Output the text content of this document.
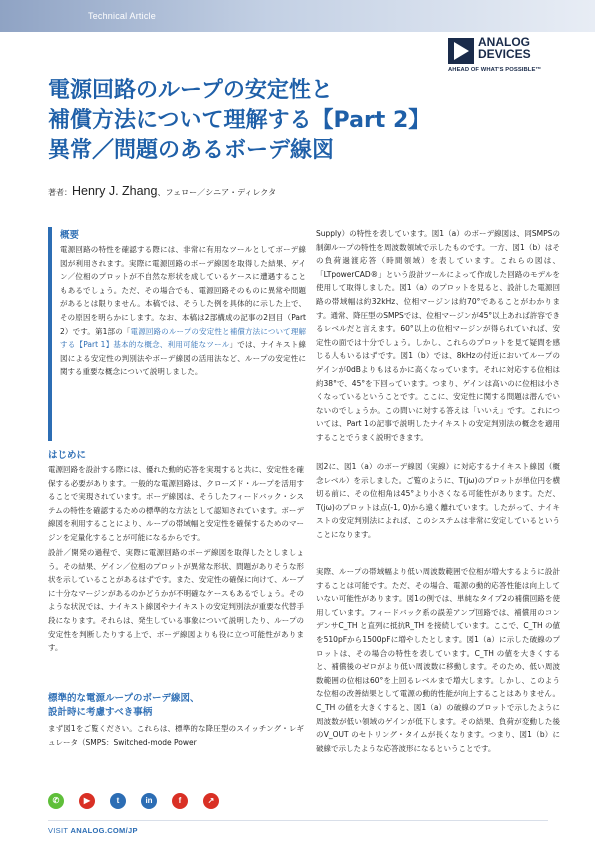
Technical Article
ANALOG
DEVICES
AHEAD OF WHAT'S POSSIBLE™
電源回路のループの安定性と
補償方法について理解する【Part 2】
異常／問題のあるボーデ線図
著者：Henry J. Zhang、フェロー／シニア・ディレクタ
概要

電源回路の特性を確認する際には、非常に有用なツールとしてボーデ線図が利用されます。実際に電源回路のボーデ線図を取得した結果、ゲイン／位相のプロットが不自然な形状を成しているケースに遭遇することもあるでしょう。ただ、その場合でも、電源回路そのものに異常や問題があるとは限りません。本稿では、そうした例を具体的に示した上で、その原因を明らかにします。なお、本稿は2部構成の記事の2回目（Part 2）です。第1部の「電源回路のループの安定性と補償方法について理解する【Part 1】基本的な概念、利用可能なツール」では、ナイキスト線図による安定性の判別法やボーデ線図の活用法など、ループの安定性に関する重要な概念について説明しました。

はじめに

電源回路を設計する際には、優れた動的応答を実現すると共に、安定性を確保する必要があります。一般的な電源回路は、クローズド・ループを活用することで実現されています。ボーデ線図は、そうしたフィードバック・システムの特性を確認するための標準的な方法として認知されています。ボーデ線図を利用することにより、ループの帯域幅と安定性を確保するためのマージンを定量化することが可能になるからです。

設計／開発の過程で、実際に電源回路のボーデ線図を取得したとしましょう。その結果、ゲイン／位相のプロットが異常な形状、問題がありそうな形状を示していることがあるはずです。また、安定性の確保に向けて、ループに十分なマージンがあるのかどうかが不明確なケースもあるでしょう。そのような状況では、ナイキスト線図やナイキストの安定判別法が重要な代替手段になります。それらは、発生している事象について説明したり、ループの安定性を判断したりする上で、ボーデ線図よりも役に立つ可能性があります。

標準的な電源ループのボーデ線図、
設計時に考慮すべき事柄

まず図1をご覧ください。これらは、標準的な降圧型のスイッチング・レギュレータ（SMPS：Switched-mode Power

Supply）の特性を表しています。図1（a）のボーデ線図は、同SMPSの制御ループの特性を周波数領域で示したものです。一方、図1（b）はその負荷過渡応答（時間領域）を表しています。これらの図は、「LTpowerCAD®」という設計ツールによって作成した回路のモデルを使用して取得しました。図1（a）のプロットを見ると、設計した電源回路の帯域幅は約32kHz、位相マージンは約70°であることがわかります。通常、降圧型のSMPSでは、位相マージンが45°以上あれば許容できるレベルだと言えます。60°以上の位相マージンが得られていれば、安定性の面では十分でしょう。しかし、これらのプロットを見て疑問を感じる人もいるはずです。図1（b）では、8kHzの付近においてループのゲインが0dBよりもはるかに高くなっています。それに対応する位相は約38°で、45°を下回っています。つまり、ゲインは高いのに位相は小さくなっているということです。ここに、安定性に関する問題は潜んでいないのでしょうか。この問いに対する答えは「いいえ」です。これについては、Part 1の記事で説明したナイキストの安定判別法の概念を適用することでうまく説明できます。

図2に、図1（a）のボーデ線図（実線）に対応するナイキスト線図（概念レベル）を示しました。ご覧のように、T(jω)のプロットが単位円を横切る前に、その位相角は45°より小さくなる可能性があります。ただ、T(jω)のプロットは点(-1, 0)から遠く離れています。したがって、ナイキストの安定判別法によれば、このシステムは非常に安定しているということになります。

実際、ループの帯域幅より低い周波数範囲で位相が増大するように設計することは可能です。ただ、その場合、電源の動的応答性能は向上していない可能性があります。図1の例では、単純なタイプ2の補償回路を使用しています。フィードバック系の誤差アンプ回路では、補償用のコンデンサC_TH と直列に抵抗R_TH を接続しています。ここで、C_TH の値を510pFから1500pFに増やしたとします。図1（a）に示した破線のプロットは、その場合の特性を表しています。C_TH の値を大きくすると、補償後のゼロがより低い周波数に移動します。そのため、低い周波数範囲の位相は60°を上回るレベルまで増大します。しかし、このような位相の改善結果として電源の動的性能が向上することはありません。C_TH の値を大きくすると、図1（a）の破線のプロットで示したように周波数が低い領域のゲインが低下します。その結果、負荷が変動した後のV_OUT のセトリング・タイムが長くなります。つまり、図1（b）に破線で示したような応答波形になるということです。

✆	▶	t	in	f	↗
VISIT ANALOG.COM/JP
